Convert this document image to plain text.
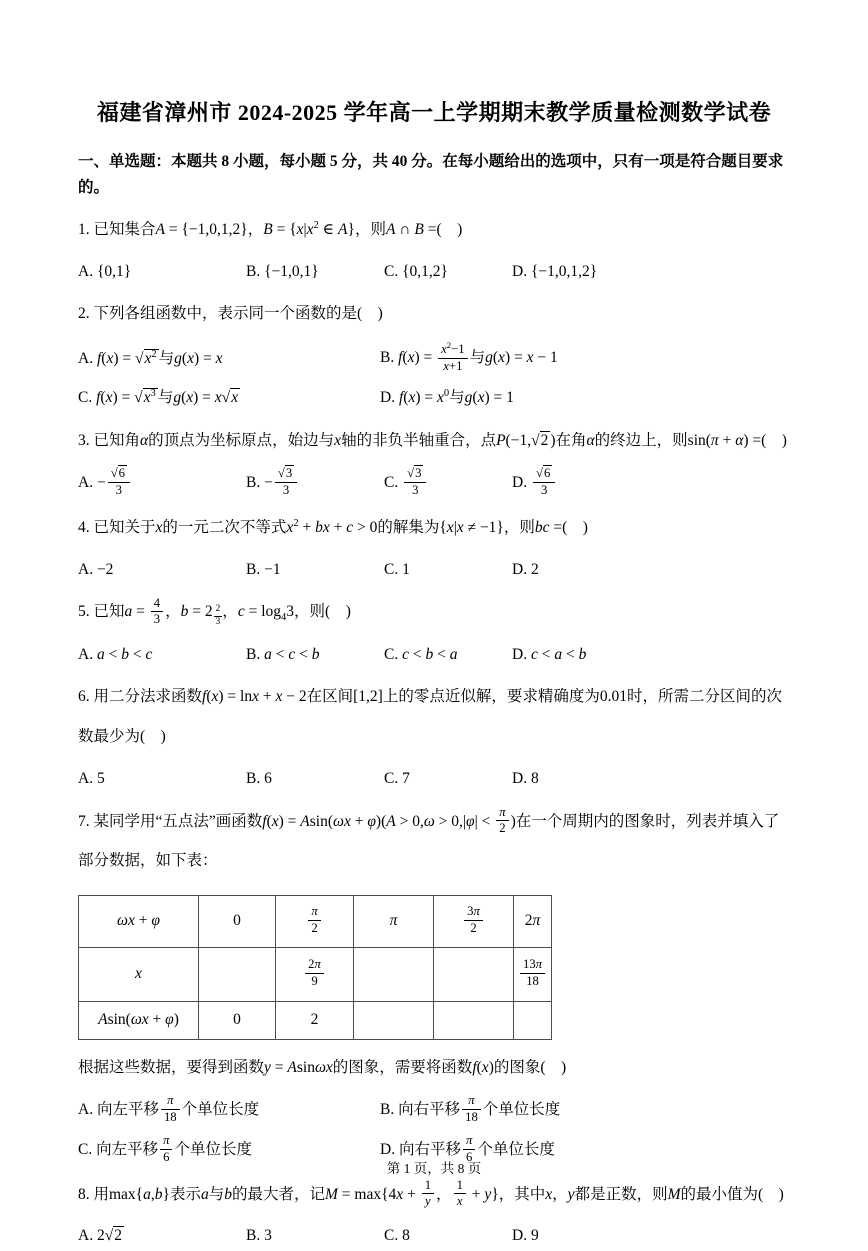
福建省漳州市 2024-2025 学年高一上学期期末教学质量检测数学试卷

一、单选题：本题共 8 小题，每小题 5 分，共 40 分。在每小题给出的选项中，只有一项是符合题目要求的。

1. 已知集合A = {−1,0,1,2}，$B = \{x|x^2$ ∈ A}，则A ∩ B =(　)

A. {0,1}	B. {−1,0,1}	C. {0,1,2}	D. {−1,0,1,2}

2. 下列各组函数中，表示同一个函数的是(　)

A. $f(x) = √x^2$ 与g(x) = x	B. $f(x) = \frac{x^2-1}{x+1}$ 与g(x) = x − 1
C. $f(x) = √x^3$ 与g(x) = x√x	D. $f(x) = x^0$与g(x) = 1

3. 已知角α的顶点为坐标原点，始边与x轴的非负半轴重合，点P(−1,√2 )在角α的终边上，则sin(π + α) =(　)

A. − $\frac{√6}{3}$	B. − $\frac{√3}{3}$	C. $\frac{√3}{3}$	D. $\frac{√6}{3}$

4. 已知关于x的一元二次不等式$x^2$ + bx + c > 0的解集为{x|x ≠ −1}，则bc =(　)

A. −2	B. −1	C. 1	D. 2

5. 已知$a = \frac{4}{3}$ ，$b = 2 \frac{2}{3}$ ，$c = \log_43$，则(　)

A. a < b < c	B. a < c < b	C. c < b < a	D. c < a < b

6. 用二分法求函数f(x) = lnx + x − 2在区间[1,2]上的零点近似解，要求精确度为0.01时，所需二分区间的次数最少为(　)

A. 5	B. 6	C. 7	D. 8

7. 某同学用“五点法”画函数$f(x) = Asin(\omega x + \varphi)(A > 0,\omega > 0,|\varphi| < \frac{\pi}{2}$ )在一个周期内的图象时，列表并填入了部分数据，如下表：

ωx + φ	0	$\frac{\pi}{2}$	π	$\frac{3\pi}{2}$	2π
x		$\frac{2\pi}{9}$			$\frac{13\pi}{18}$

Asin(ωx + φ)	0	2			

根据这些数据，要得到函数y = Asinωx的图象，需要将函数f(x)的图象(　)

A. 向左平移 $\frac{\pi}{18}$ 个单位长度	B. 向右平移 $\frac{\pi}{18}$ 个单位长度
C. 向左平移 $\frac{\pi}{6}$ 个单位长度	D. 向右平移 $\frac{\pi}{6}$ 个单位长度

8. 用max{a,b}表示a与b的最大者，记$M = \max\{4x + \frac{1}{y}$ ， $\frac{1}{x} + y$}，其中x，y都是正数，则M的最小值为(　)

A. 2√2	B. 3	C. 8	D. 9
第 1 页，共 8 页
